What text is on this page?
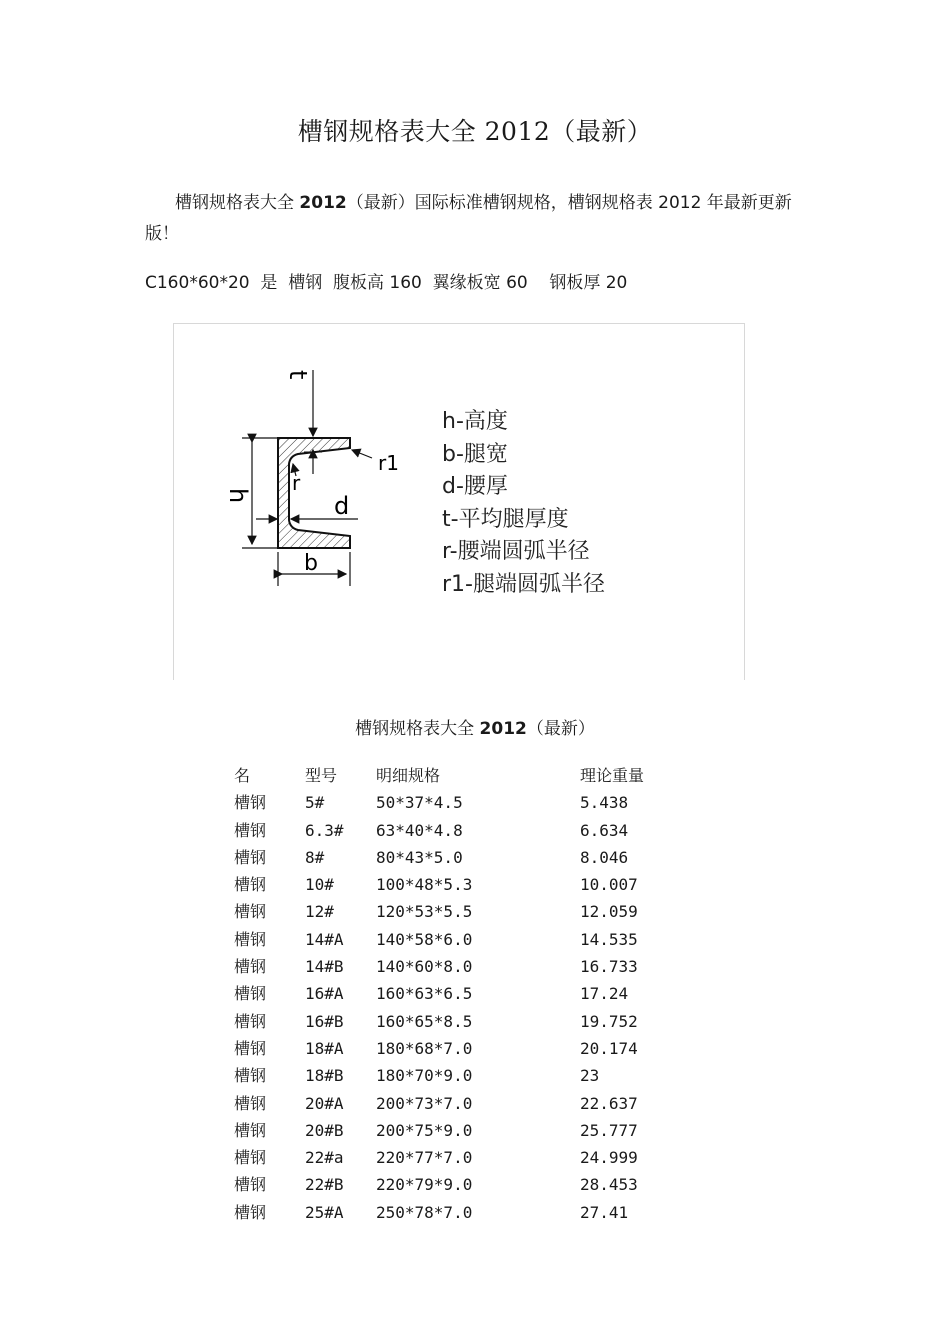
槽钢规格表大全 2012（最新）
槽钢规格表大全 2012（最新）国际标准槽钢规格，槽钢规格表 2012 年最新更新版！
C160*60*20  是  槽钢  腹板高 160  翼缘板宽 60    钢板厚 20
h
t
r
r1
d
b
h-高度
b-腿宽
d-腰厚
t-平均腿厚度
r-腰端圆弧半径
r1-腿端圆弧半径
槽钢规格表大全 2012（最新）
名	型号 明细规格	理论重量
槽钢 5#	50*37*4.5	5.438
槽钢 6.3# 63*40*4.8	6.634
槽钢 8#	80*43*5.0	8.046
槽钢 10#	100*48*5.3	10.007
槽钢 12#	120*53*5.5	12.059
槽钢 14#A 140*58*6.0	14.535
槽钢 14#B 140*60*8.0	16.733
槽钢 16#A 160*63*6.5	17.24
槽钢 16#B 160*65*8.5	19.752
槽钢 18#A 180*68*7.0	20.174
槽钢 18#B 180*70*9.0	23
槽钢 20#A 200*73*7.0	22.637
槽钢 20#B 200*75*9.0	25.777
槽钢 22#a 220*77*7.0	24.999
槽钢 22#B 220*79*9.0	28.453
槽钢 25#A 250*78*7.0	27.41
